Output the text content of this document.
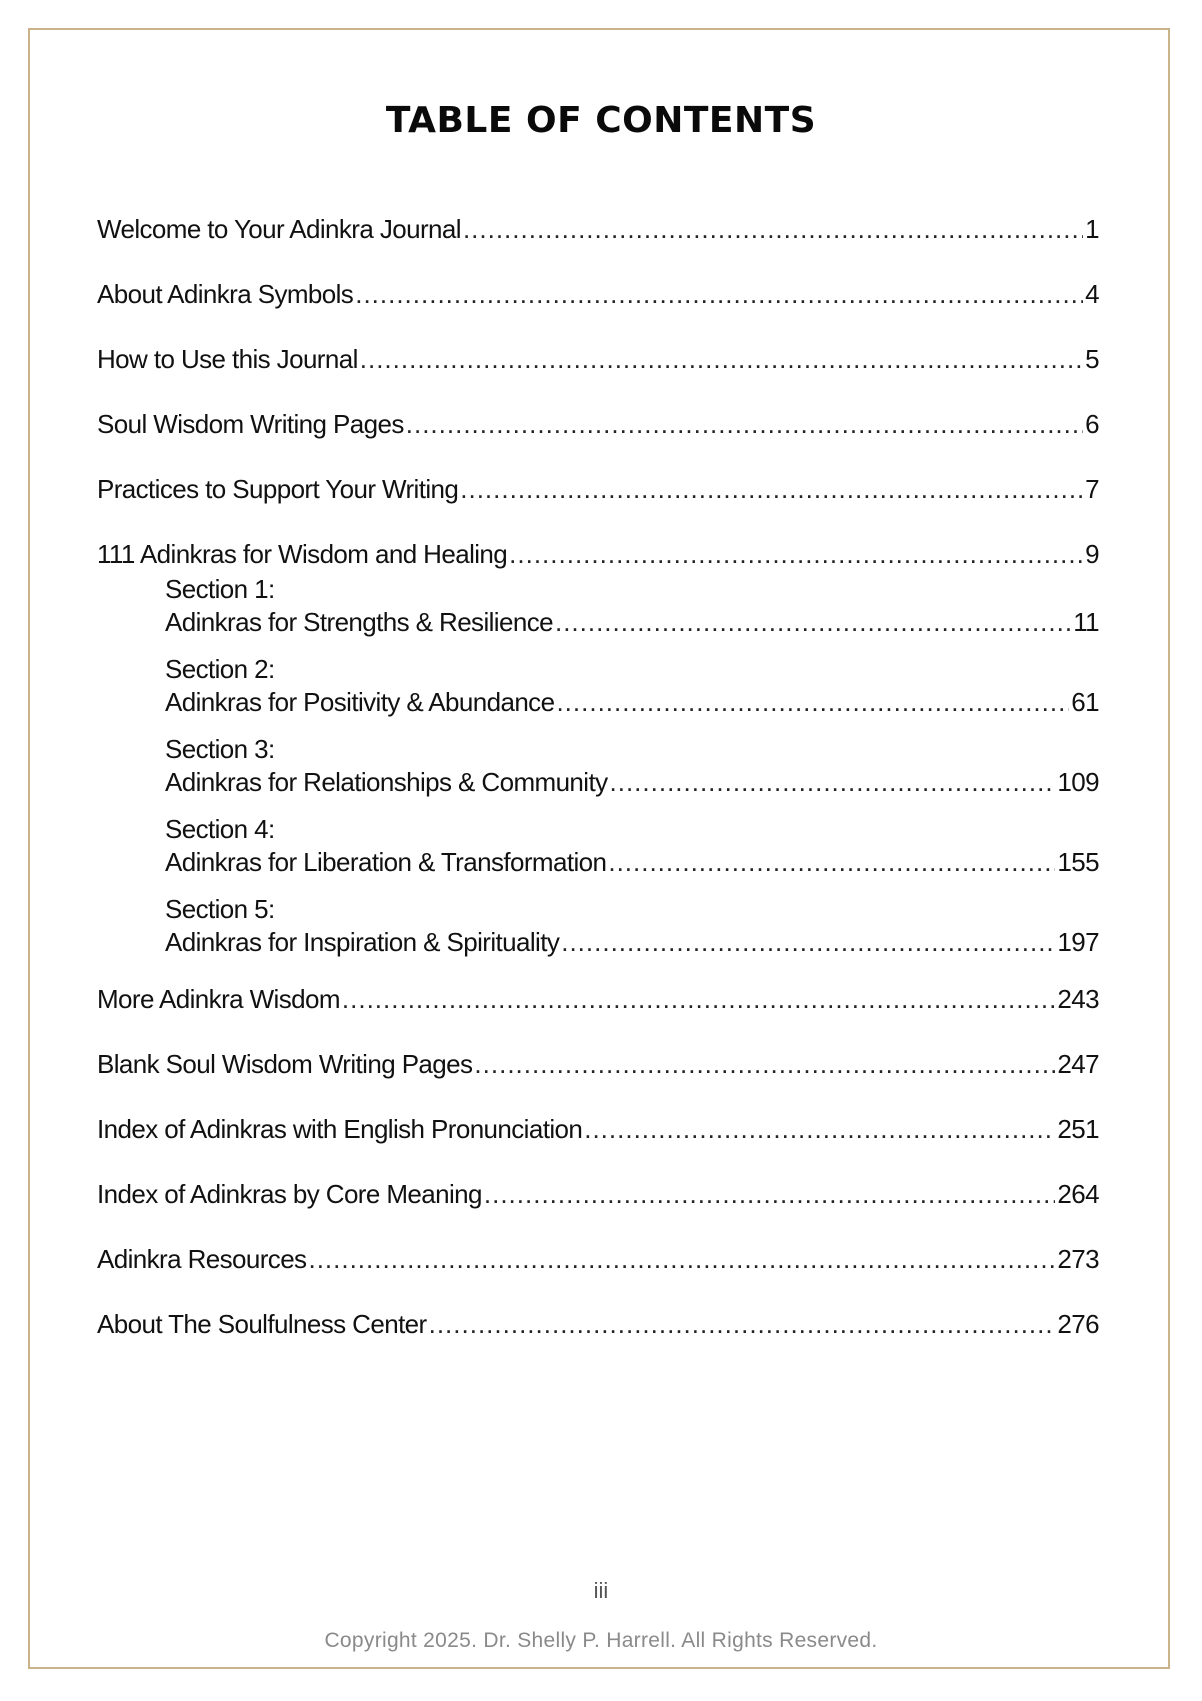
TABLE OF CONTENTS
Welcome to Your Adinkra Journal .....	1
About Adinkra Symbols .....	4
How to Use this Journal .....	5
Soul Wisdom Writing Pages .....	6
Practices to Support Your Writing .....	7
111 Adinkras for Wisdom and Healing .....	9
Section 1:
Adinkras for Strengths & Resilience .....	11
Section 2:
Adinkras for Positivity & Abundance .....	61
Section 3:
Adinkras for Relationships & Community .....	109
Section 4:
Adinkras for Liberation & Transformation .....	155
Section 5:
Adinkras for Inspiration & Spirituality .....	197
More Adinkra Wisdom .....	243
Blank Soul Wisdom Writing Pages .....	247
Index of Adinkras with English Pronunciation .....	251
Index of Adinkras by Core Meaning .....	264
Adinkra Resources .....	273
About The Soulfulness Center .....	276
iii
Copyright 2025. Dr. Shelly P. Harrell. All Rights Reserved.
